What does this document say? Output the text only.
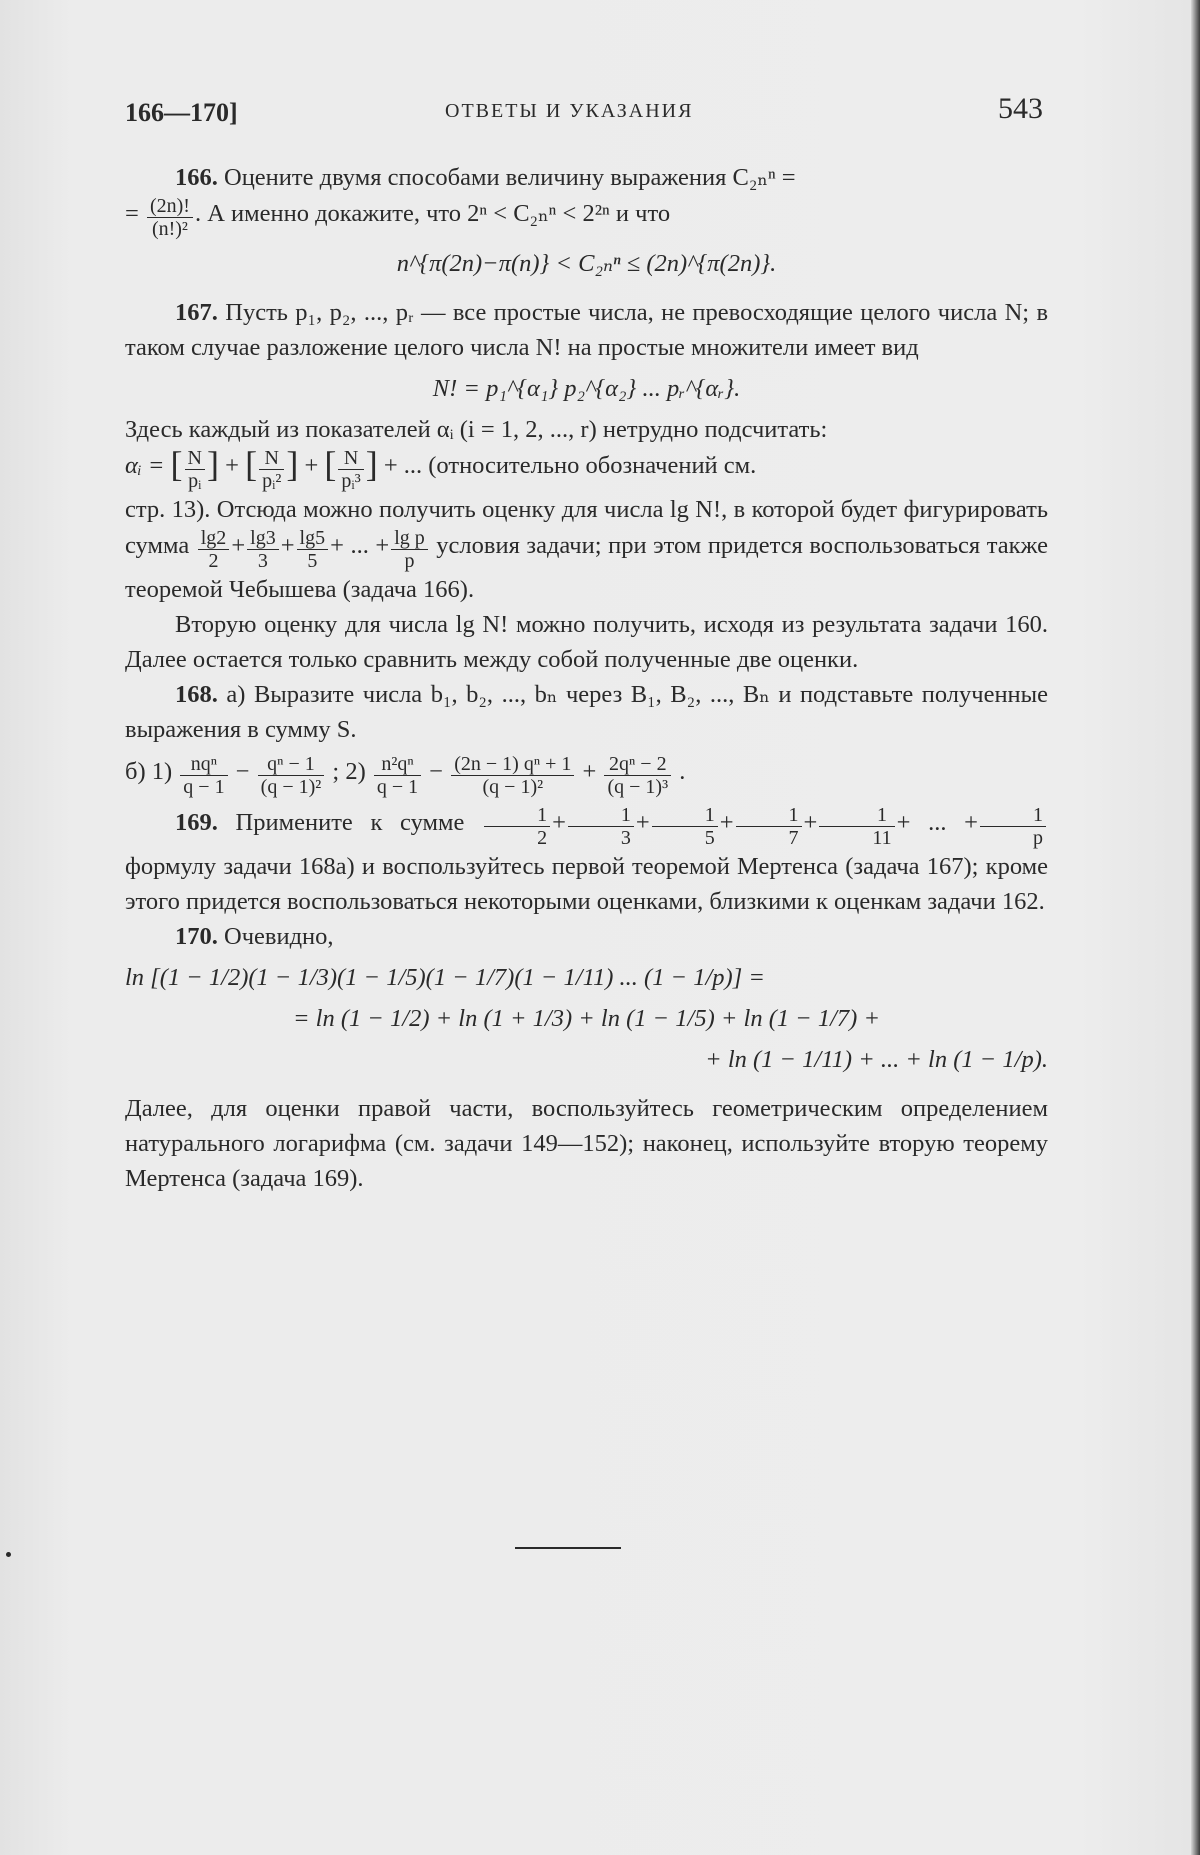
166—170]	ОТВЕТЫ И УКАЗАНИЯ	543

166. Оцените двумя способами величину выражения C₂ₙⁿ =

= $\frac{(2n)!}{\text{(n!)²}}$ . А именно докажите, что 2ⁿ < C₂ₙⁿ < 2²ⁿ и что

n^{π(2n)−π(n)} < C₂ₙⁿ ≤ (2n)^{π(2n)}.

167. Пусть p₁, p₂, ..., pᵣ — все простые числа, не превосходящие целого числа N; в таком случае разложение целого числа N! на простые множители имеет вид

N! = p₁^{α₁} p₂^{α₂} ... pᵣ^{αᵣ}.

Здесь каждый из показателей αᵢ (i = 1, 2, ..., r) нетрудно подсчитать:

αᵢ = [ $\frac{N}{\text{pᵢ}}$ ] + [ $\frac{N}{\text{pᵢ²}}$ ] + [ $\frac{N}{\text{pᵢ³}}$ ] + ... (относительно обозначений см.

стр. 13). Отсюда можно получить оценку для числа lg N!, в которой будет фигурировать сумма $\frac{\lg 2}{2} + \frac{\lg 3}{3} + \frac{\lg 5}{5}$ + ... + $\frac{\text{lg p}}{p}$ условия задачи; при этом придется воспользоваться также теоремой Чебышева (задача 166).

Вторую оценку для числа lg N! можно получить, исходя из результата задачи 160. Далее остается только сравнить между собой полученные две оценки.

168. а) Выразите числа b₁, b₂, ..., bₙ через B₁, B₂, ..., Bₙ и подставьте полученные выражения в сумму S.

б) $1) \frac{\text{nqⁿ}}{q - 1} - \frac{\text{qⁿ − 1}}{\text{(q − 1)²}}$ ; $2) \frac{\text{n²qⁿ}}{q - 1} - \frac{\text{(2n − 1) qⁿ + 1}}{\text{(q − 1)²}} + \frac{\text{2qⁿ − 2}}{\text{(q − 1)³}}$ .

169. Примените к сумме $\frac{1}{2} + \frac{1}{3} + \frac{1}{5} + \frac{1}{7} + \frac{1}{11}$ + ... + $\frac{1}{p}$
формулу задачи 168а) и воспользуйтесь первой теоремой Мертенса (задача 167); кроме этого придется воспользоваться некоторыми оценками, близкими к оценкам задачи 162.

170. Очевидно,

ln [(1 − 1/2)(1 − 1/3)(1 − 1/5)(1 − 1/7)(1 − 1/11) ... (1 − 1/p)] =

= ln (1 − 1/2) + ln (1 + 1/3) + ln (1 − 1/5) + ln (1 − 1/7) +

+ ln (1 − 1/11) + ... + ln (1 − 1/p).

Далее, для оценки правой части, воспользуйтесь геометрическим определением натурального логарифма (см. задачи 149—152); наконец, используйте вторую теорему Мертенса (задача 169).
